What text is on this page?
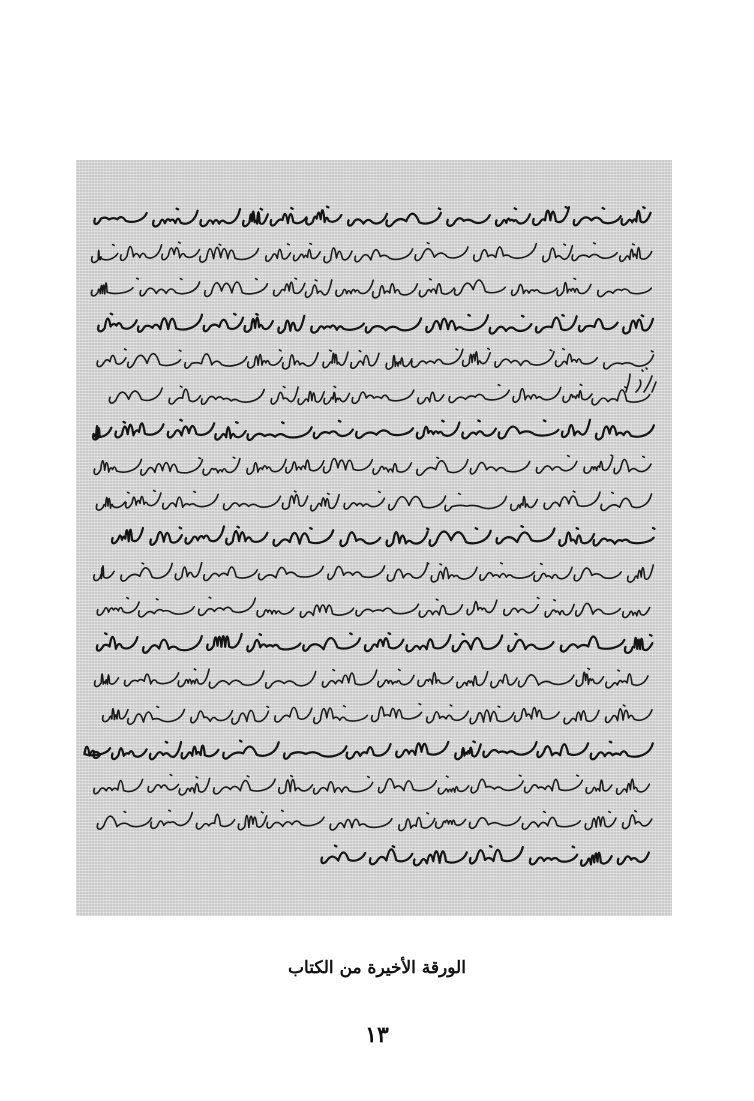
الورقة الأخيرة من الكتاب
١٣
